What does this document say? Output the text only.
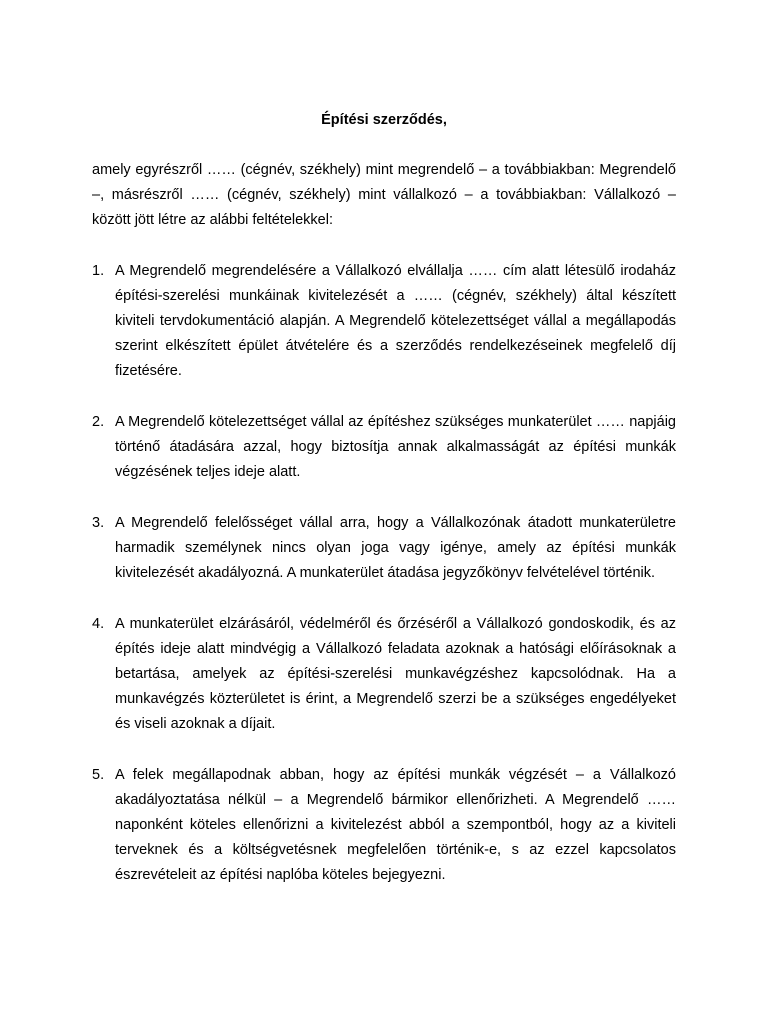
Építési szerződés,

amely egyrészről …… (cégnév, székhely) mint megrendelő – a továbbiakban: Megrendelő –, másrészről …… (cégnév, székhely) mint vállalkozó – a továbbiakban: Vállalkozó – között jött létre az alábbi feltételekkel:

1. A Megrendelő megrendelésére a Vállalkozó elvállalja …… cím alatt létesülő irodaház építési-szerelési munkáinak kivitelezését a …… (cégnév, székhely) által készített kiviteli tervdokumentáció alapján. A Megrendelő kötelezettséget vállal a megállapodás szerint elkészített épület átvételére és a szerződés rendelkezéseinek megfelelő díj fizetésére.
2. A Megrendelő kötelezettséget vállal az építéshez szükséges munkaterület …… napjáig történő átadására azzal, hogy biztosítja annak alkalmasságát az építési munkák végzésének teljes ideje alatt.
3. A Megrendelő felelősséget vállal arra, hogy a Vállalkozónak átadott munkaterületre harmadik személynek nincs olyan joga vagy igénye, amely az építési munkák kivitelezését akadályozná. A munkaterület átadása jegyzőkönyv felvételével történik.
4. A munkaterület elzárásáról, védelméről és őrzéséről a Vállalkozó gondoskodik, és az építés ideje alatt mindvégig a Vállalkozó feladata azoknak a hatósági előírásoknak a betartása, amelyek az építési-szerelési munkavégzéshez kapcsolódnak. Ha a munkavégzés közterületet is érint, a Megrendelő szerzi be a szükséges engedélyeket és viseli azoknak a díjait.
5. A felek megállapodnak abban, hogy az építési munkák végzését – a Vállalkozó akadályoztatása nélkül – a Megrendelő bármikor ellenőrizheti. A Megrendelő …… naponként köteles ellenőrizni a kivitelezést abból a szempontból, hogy az a kiviteli terveknek és a költségvetésnek megfelelően történik-e, s az ezzel kapcsolatos észrevételeit az építési naplóba köteles bejegyezni.
